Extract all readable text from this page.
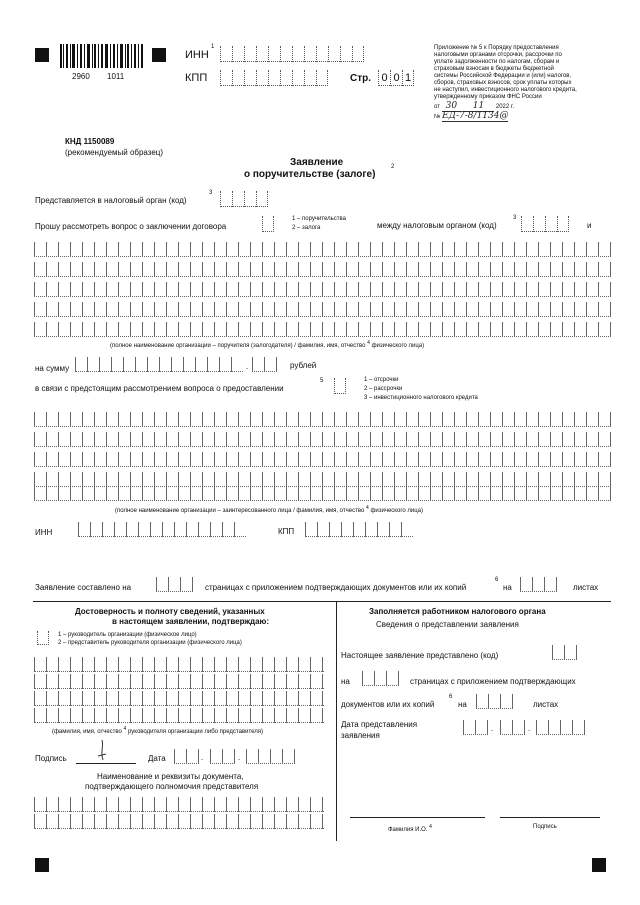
2960 1011
ИНН
1
КПП	Стр. 0 0 1
Приложение № 5 к Порядку предоставления
налоговыми органами отсрочки, рассрочки по
уплате задолженности по налогам, сборам и
страховым взносам в бюджеты бюджетной
системы Российской Федерации и (или) налогов,
сборов, страховых взносов, срок уплаты которых
не наступил, инвестиционного налогового кредита,
утвержденному приказом ФНС России
от 30 11 2022 г.
№ ЕД-7-8/1134@
КНД 1150089
(рекомендуемый образец)
Заявление
о поручительстве (залоге)
2
Представляется в налоговый орган (код)
3
Прошу рассмотреть вопрос о заключении договора
1 – поручительства
2 – залога	между налоговым органом (код)
3
и
(полное наименование организации – поручителя (залогодателя) / фамилия, имя, отчество $^4$ физического лица)
на сумму	.	рублей
в связи с предстоящим рассмотрением вопроса о предоставлении
5	1 – отсрочки
2 – рассрочки
3 – инвестиционного налогового кредита
(полное наименование организации – заинтересованного лица / фамилия, имя, отчество $^4$ физического лица)
ИНН	КПП
Заявление составлено на	страницах с приложением подтверждающих документов или их копий
6
на	листах
Достоверность и полноту сведений, указанных
в настоящем заявлении, подтверждаю:
1 – руководитель организации (физическое лицо)
2 – представитель руководителя организации (физического лица)
(фамилия, имя, отчество $^4$ руководителя организации либо представителя)
Подпись	Дата	.	.
Наименование и реквизиты документа,
подтверждающего полномочия представителя
Заполняется работником налогового органа
Сведения о представлении заявления
Настоящее заявление представлено (код)
на	страницах с приложением подтверждающих
документов или их копий
6
на	листах
Дата представления
заявления
.	.
Фамилия И.О. $^4$	Подпись
